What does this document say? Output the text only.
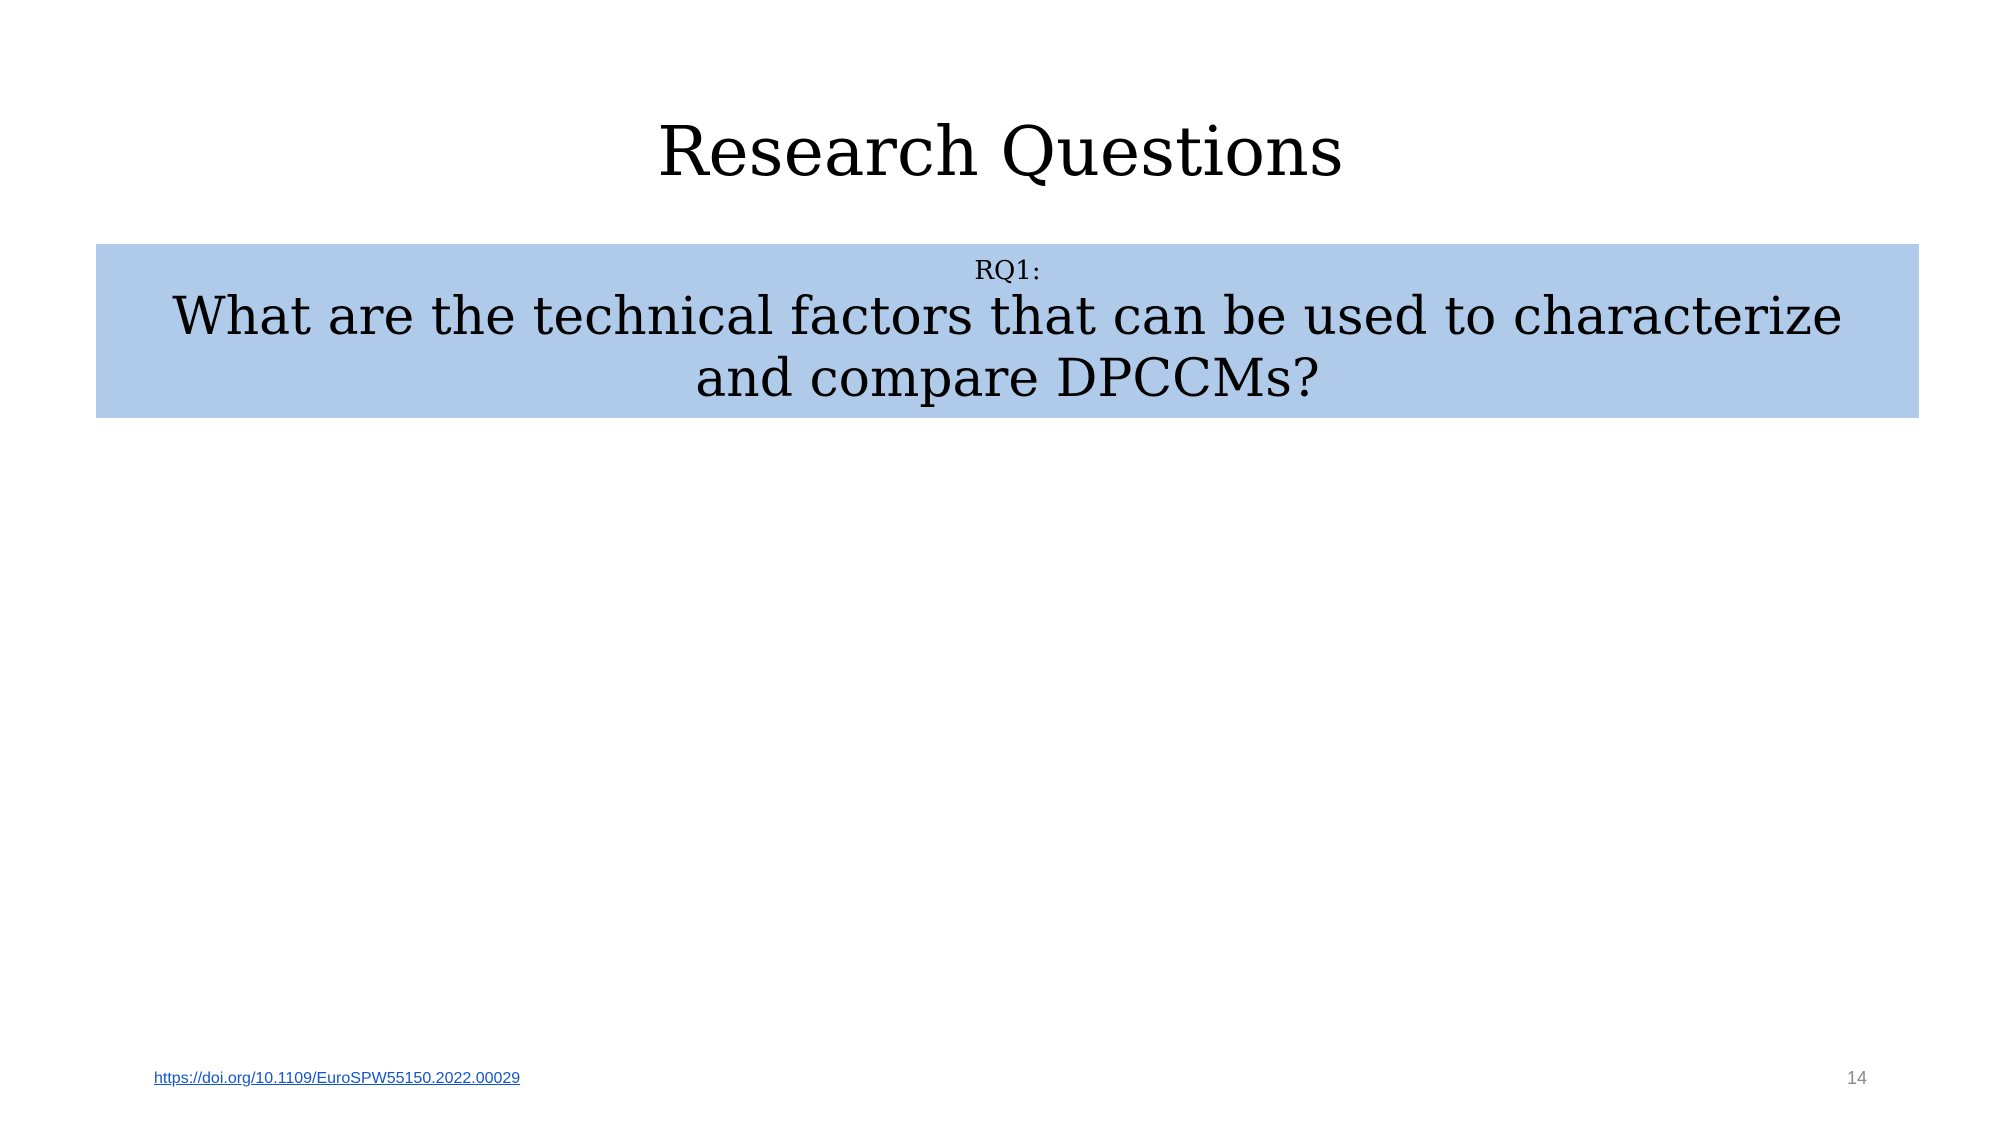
Research Questions
RQ1:
What are the technical factors that can be used to characterize and compare DPCCMs?
https://doi.org/10.1109/EuroSPW55150.2022.00029	14
